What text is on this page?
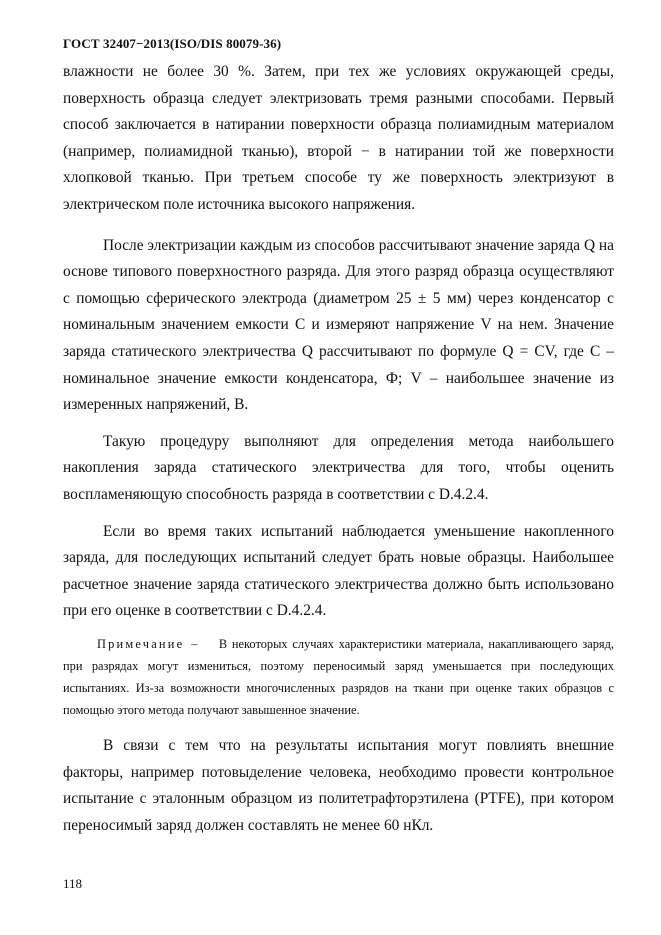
ГОСТ 32407−2013(ISO/DIS 80079-36)

влажности не более 30 %. Затем, при тех же условиях окружающей среды, поверхность образца следует электризовать тремя разными способами. Первый способ заключается в натирании поверхности образца полиамидным материалом (например, полиамидной тканью), второй − в натирании той же поверхности хлопковой тканью. При третьем способе ту же поверхность электризуют в электрическом поле источника высокого напряжения.

После электризации каждым из способов рассчитывают значение заряда Q на основе типового поверхностного разряда. Для этого разряд образца осуществляют с помощью сферического электрода (диаметром 25 ± 5 мм) через конденсатор с номинальным значением емкости C и измеряют напряжение V на нем. Значение заряда статического электричества Q рассчитывают по формуле Q = CV, где C – номинальное значение емкости конденсатора, Ф; V – наибольшее значение из измеренных напряжений, В.

Такую процедуру выполняют для определения метода наибольшего накопления заряда статического электричества для того, чтобы оценить воспламеняющую способность разряда в соответствии с D.4.2.4.

Если во время таких испытаний наблюдается уменьшение накопленного заряда, для последующих испытаний следует брать новые образцы. Наибольшее расчетное значение заряда статического электричества должно быть использовано при его оценке в соответствии с D.4.2.4.

Примечание – В некоторых случаях характеристики материала, накапливающего заряд, при разрядах могут измениться, поэтому переносимый заряд уменьшается при последующих испытаниях. Из-за возможности многочисленных разрядов на ткани при оценке таких образцов с помощью этого метода получают завышенное значение.

В связи с тем что на результаты испытания могут повлиять внешние факторы, например потовыделение человека, необходимо провести контрольное испытание с эталонным образцом из политетрафторэтилена (PTFE), при котором переносимый заряд должен составлять не менее 60 нКл.

118
